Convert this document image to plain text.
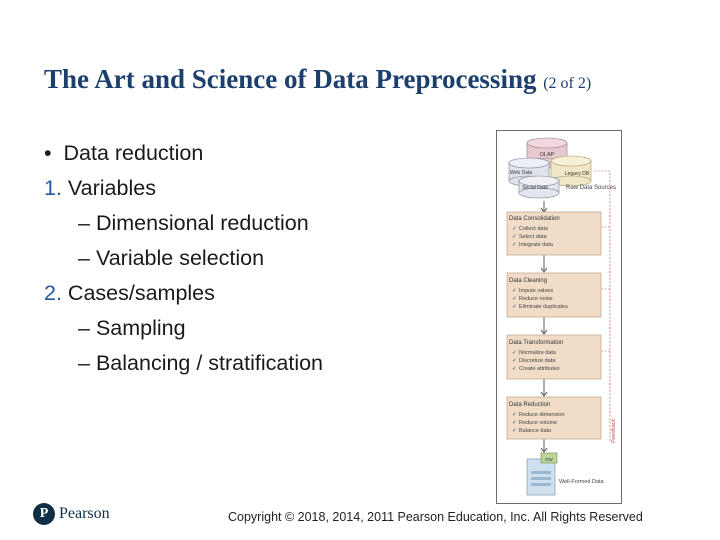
The Art and Science of Data Preprocessing (2 of 2)
• Data reduction
1. Variables
– Dimensional reduction
– Variable selection
2. Cases/samples
– Sampling
– Balancing / stratification
OLAP
Legacy DB
Web Data
Social Data	Raw Data Sources
Feedback
Data Consolidation
✓ Collect data
✓ Select data
✓ Integrate data
Data Cleaning
✓ Impute values
✓ Reduce noise
✓ Eliminate duplicates
Data Transformation
✓ Normalize data
✓ Discretize data
✓ Create attributes
Data Reduction
✓ Reduce dimension
✓ Reduce volume
✓ Balance data
DW
Well-Formed Data
P Pearson	Copyright © 2018, 2014, 2011 Pearson Education, Inc. All Rights Reserved
